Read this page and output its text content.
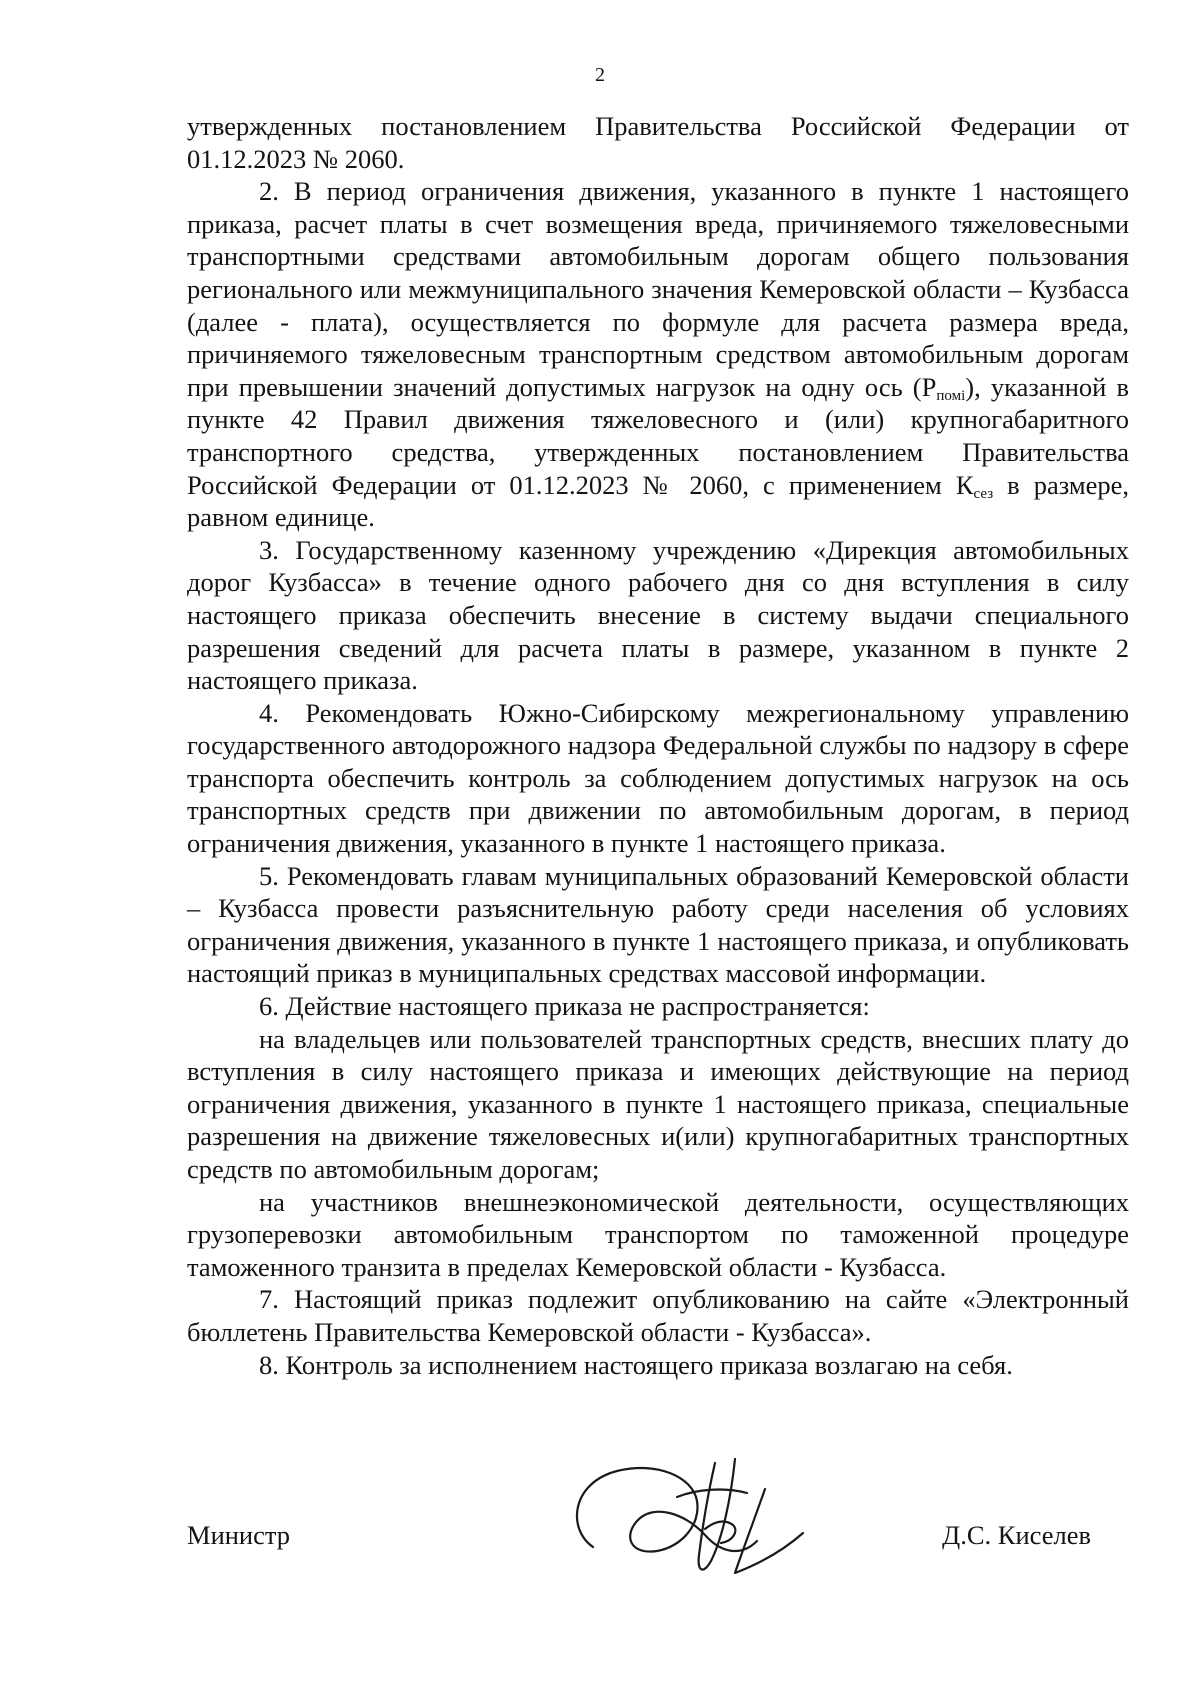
2

утвержденных постановлением Правительства Российской Федерации от 01.12.2023 № 2060.

2. В период ограничения движения, указанного в пункте 1 настоящего приказа, расчет платы в счет возмещения вреда, причиняемого тяжеловесными транспортными средствами автомобильным дорогам общего пользования регионального или межмуниципального значения Кемеровской области – Кузбасса (далее - плата), осуществляется по формуле для расчета размера вреда, причиняемого тяжеловесным транспортным средством автомобильным дорогам при превышении значений допустимых нагрузок на одну ось $(Р_{помi})$, указанной в пункте 42 Правил движения тяжеловесного и (или) крупногабаритного транспортного средства, утвержденных постановлением Правительства Российской Федерации от 01.12.2023 № 2060, с применением $К_{сез}$ в размере, равном единице.

3. Государственному казенному учреждению «Дирекция автомобильных дорог Кузбасса» в течение одного рабочего дня со дня вступления в силу настоящего приказа обеспечить внесение в систему выдачи специального разрешения сведений для расчета платы в размере, указанном в пункте 2 настоящего приказа.

4. Рекомендовать Южно-Сибирскому межрегиональному управлению государственного автодорожного надзора Федеральной службы по надзору в сфере транспорта обеспечить контроль за соблюдением допустимых нагрузок на ось транспортных средств при движении по автомобильным дорогам, в период ограничения движения, указанного в пункте 1 настоящего приказа.

5. Рекомендовать главам муниципальных образований Кемеровской области – Кузбасса провести разъяснительную работу среди населения об условиях ограничения движения, указанного в пункте 1 настоящего приказа, и опубликовать настоящий приказ в муниципальных средствах массовой информации.

6. Действие настоящего приказа не распространяется:

на владельцев или пользователей транспортных средств, внесших плату до вступления в силу настоящего приказа и имеющих действующие на период ограничения движения, указанного в пункте 1 настоящего приказа, специальные разрешения на движение тяжеловесных и(или) крупногабаритных транспортных средств по автомобильным дорогам;

на участников внешнеэкономической деятельности, осуществляющих грузоперевозки автомобильным транспортом по таможенной процедуре таможенного транзита в пределах Кемеровской области - Кузбасса.

7. Настоящий приказ подлежит опубликованию на сайте «Электронный бюллетень Правительства Кемеровской области - Кузбасса».

8. Контроль за исполнением настоящего приказа возлагаю на себя.

Министр	Д.С. Киселев
